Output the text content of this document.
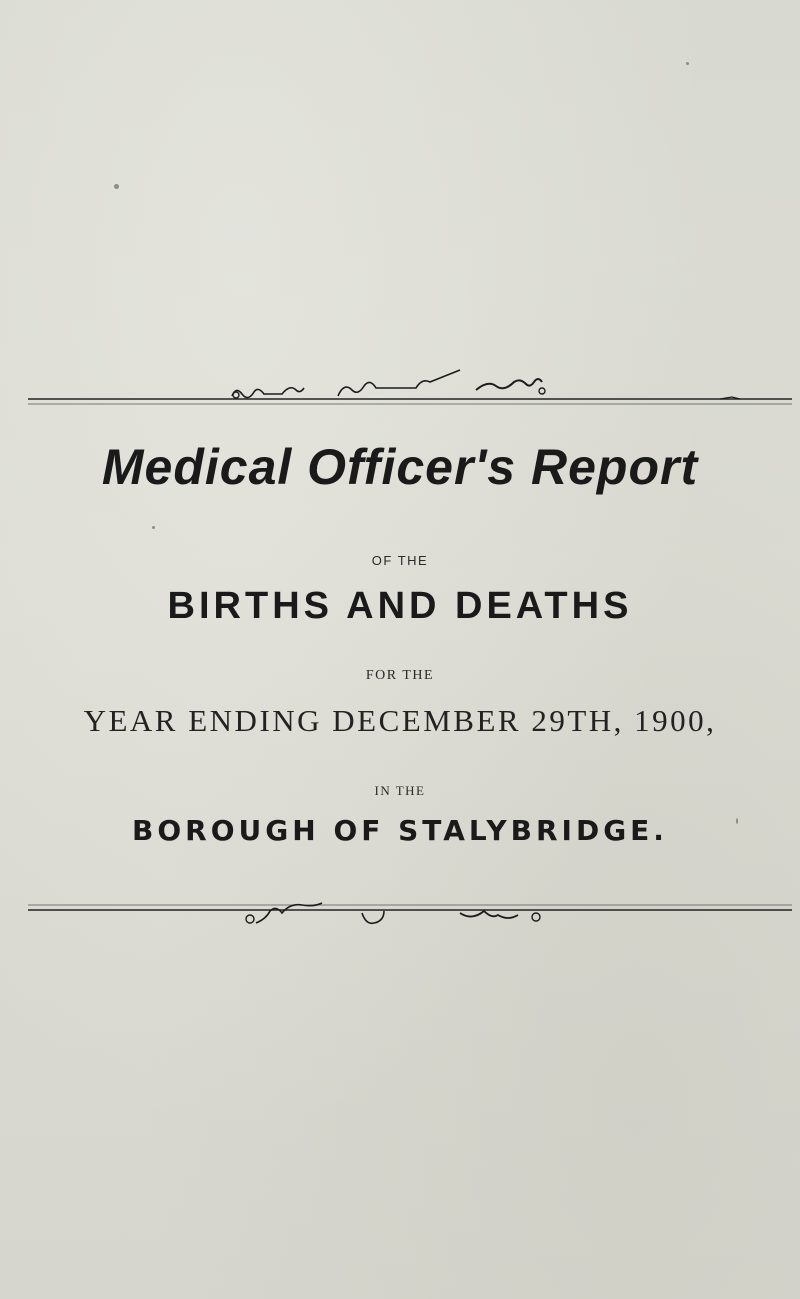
Medical Officer's Report
OF THE
BIRTHS AND DEATHS
FOR THE
YEAR ENDING DECEMBER 29TH, 1900,
IN THE
BOROUGH OF STALYBRIDGE.
